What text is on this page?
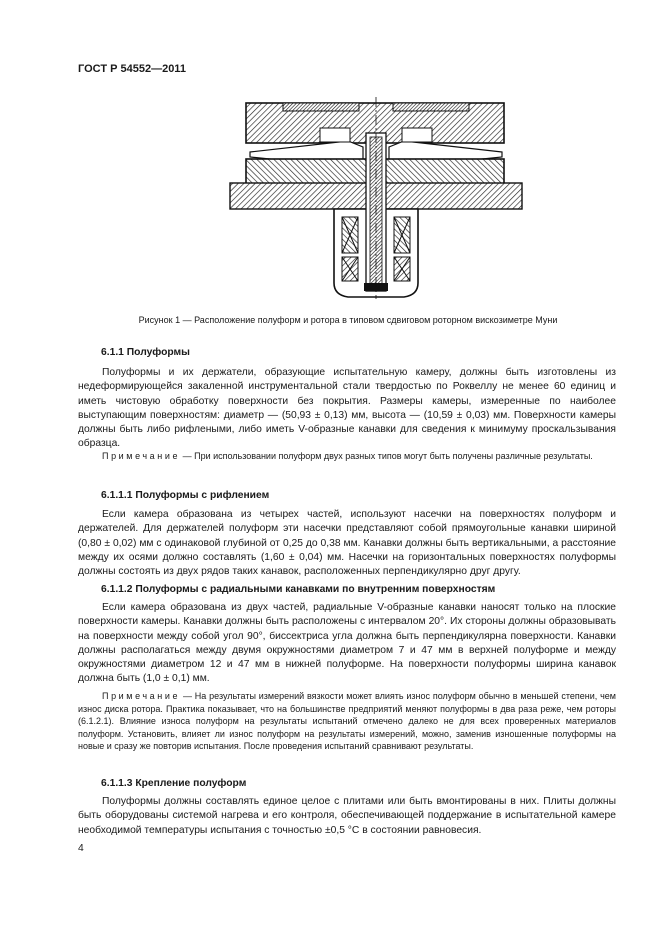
ГОСТ Р 54552—2011
Рисунок 1 — Расположение полуформ и ротора в типовом сдвиговом роторном вискозиметре Муни
6.1.1 Полуформы

Полуформы и их держатели, образующие испытательную камеру, должны быть изготовлены из недеформирующейся закаленной инструментальной стали твердостью по Роквеллу не менее 60 единиц и иметь чистовую обработку поверхности без покрытия. Размеры камеры, измеренные по наиболее выступающим поверхностям: диаметр — (50,93 ± 0,13) мм, высота — (10,59 ± 0,03) мм. Поверхности камеры должны быть либо рифлеными, либо иметь V-образные канавки для сведения к минимуму проскальзывания образца.

Примечание — При использовании полуформ двух разных типов могут быть получены различные результаты.

6.1.1.1 Полуформы с рифлением

Если камера образована из четырех частей, используют насечки на поверхностях полуформ и держателей. Для держателей полуформ эти насечки представляют собой прямоугольные канавки шириной (0,80 ± 0,02) мм с одинаковой глубиной от 0,25 до 0,38 мм. Канавки должны быть вертикальными, а расстояние между их осями должно составлять (1,60 ± 0,04) мм. Насечки на горизонтальных поверхностях полуформы должны состоять из двух рядов таких канавок, расположенных перпендикулярно друг другу.

6.1.1.2 Полуформы с радиальными канавками по внутренним поверхностям

Если камера образована из двух частей, радиальные V-образные канавки наносят только на плоские поверхности камеры. Канавки должны быть расположены с интервалом 20°. Их стороны должны образовывать на поверхности между собой угол 90°, биссектриса угла должна быть перпендикулярна поверхности. Канавки должны располагаться между двумя окружностями диаметром 7 и 47 мм в верхней полуформе и между окружностями диаметром 12 и 47 мм в нижней полуформе. На поверхности полуформы ширина канавок должна быть (1,0 ± 0,1) мм.

Примечание — На результаты измерений вязкости может влиять износ полуформ обычно в меньшей степени, чем износ диска ротора. Практика показывает, что на большинстве предприятий меняют полуформы в два раза реже, чем роторы (6.1.2.1). Влияние износа полуформ на результаты испытаний отмечено далеко не для всех проверенных материалов полуформ. Установить, влияет ли износ полуформ на результаты измерений, можно, заменив изношенные полуформы на новые и сразу же повторив испытания. После проведения испытаний сравнивают результаты.

6.1.1.3 Крепление полуформ

Полуформы должны составлять единое целое с плитами или быть вмонтированы в них. Плиты должны быть оборудованы системой нагрева и его контроля, обеспечивающей поддержание в испытательной камере необходимой температуры испытания с точностью ±0,5 °С в состоянии равновесия.

4
